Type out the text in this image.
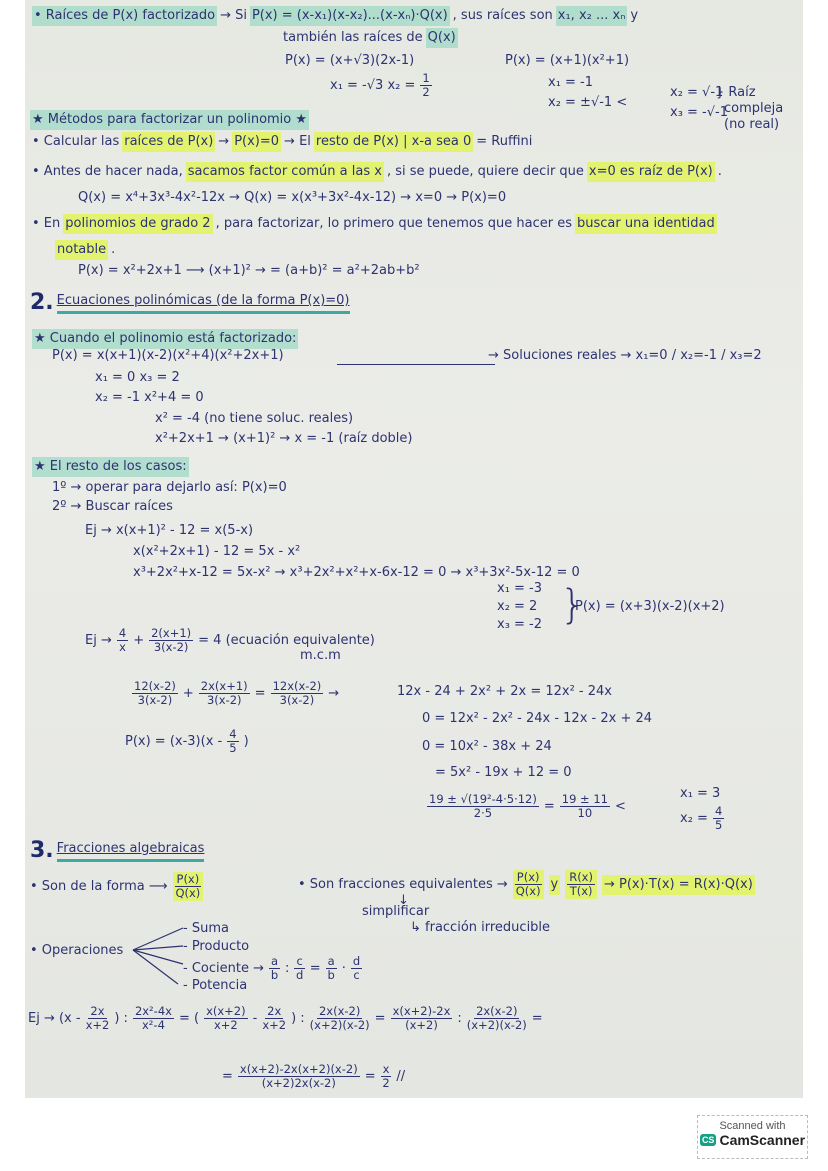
}
Scanned with
CS CamScanner
• Raíces de P(x) factorizado → Si P(x) = (x-x₁)(x-x₂)...(x-xₙ)·Q(x) , sus raíces son x₁, x₂ ... xₙ y
también las raíces de Q(x)
P(x) = (x+√3)(2x-1)	P(x) = (x+1)(x²+1)
x₁ = -√3 $x_2 = \frac{1}{2}$	x₁ = -1
x₂ = ±√-1 <
x₂ = √-1
x₃ = -√-1
} Raíz
compleja
(no real)
★ Métodos para factorizar un polinomio ★
• Calcular las raíces de P(x) → P(x)=0 → El resto de P(x) | x-a sea 0 = Ruffini
• Antes de hacer nada, sacamos factor común a las x , si se puede, quiere decir que x=0 es raíz de P(x) .
Q(x) = x⁴+3x³-4x²-12x → Q(x) = x(x³+3x²-4x-12) → x=0 → P(x)=0
• En polinomios de grado 2 , para factorizar, lo primero que tenemos que hacer es buscar una identidad
notable .
P(x) = x²+2x+1 ⟶ (x+1)² → = (a+b)² = a²+2ab+b²
2. Ecuaciones polinómicas (de la forma P(x)=0)
★ Cuando el polinomio está factorizado:
P(x) = x(x+1)(x-2)(x²+4)(x²+2x+1)	→ Soluciones reales → x₁=0 / x₂=-1 / x₃=2
x₁ = 0 x₃ = 2
x₂ = -1 x²+4 = 0
x² = -4 (no tiene soluc. reales)
x²+2x+1 → (x+1)² → x = -1 (raíz doble)
★ El resto de los casos:
1º → operar para dejarlo así: P(x)=0
2º → Buscar raíces
Ej → x(x+1)² - 12 = x(5-x)
x(x²+2x+1) - 12 = 5x - x²
x³+2x²+x-12 = 5x-x² → x³+2x²+x²+x-6x-12 = 0 → x³+3x²-5x-12 = 0
x₁ = -3
x₂ = 2
x₃ = -2
P(x) = (x+3)(x-2)(x+2)
$Ej \to \frac{4}{x} + \frac{2(x+1)}{3(x-2)} = 4$ (ecuación equivalente)
m.c.m
$\frac{12(x-2)}{3(x-2)} + \frac{2x(x+1)}{3(x-2)} = \frac{12x(x-2)}{3(x-2)}$ →	12x - 24 + 2x² + 2x = 12x² - 24x
0 = 12x² - 2x² - 24x - 12x - 2x + 24
$P(x) = (x-3)(x - \frac{4}{5}$ )	0 = 10x² - 38x + 24
= 5x² - 19x + 12 = 0
$\frac{\text{19 ± √(19²-4·5·12)}}{2\cdot 5} = \frac{19 \pm 11}{10}$ <
x₁ = 3
$x_2 = \frac{4}{5}$
3. Fracciones algebraicas
• Son de la forma ⟶ $\frac{P(x)}{Q(x)}$	• Son fracciones equivalentes → $\frac{P(x)}{Q(x)}$ y $\frac{R(x)}{T(x)} \to P(x)\cdot T(x) = R(x)\cdot Q(x)$
↓
simplificar
↳ fracción irreducible
• Operaciones
- Suma
- Producto
- Cociente → $\frac{a}{b}$ : $\frac{c}{d} = \frac{a}{b} \cdot \frac{d}{c}$
- Potencia
$Ej \to (x - \frac{2x}{x+2}$ ) : $\frac{\text{2x²-4x}}{\text{x²-4}}$ = ( $\frac{x(x+2)}{x+2} - \frac{2x}{x+2}$ ) : $\frac{2x(x-2)}{(x+2)(x-2)} = \frac{x(x+2)-2x}{(x+2)}$ : $\frac{2x(x-2)}{(x+2)(x-2)}$ =
= $\frac{x(x+2)-2x(x+2)(x-2)}{(x+2)2x(x-2)} = \frac{x}{2}$ //
